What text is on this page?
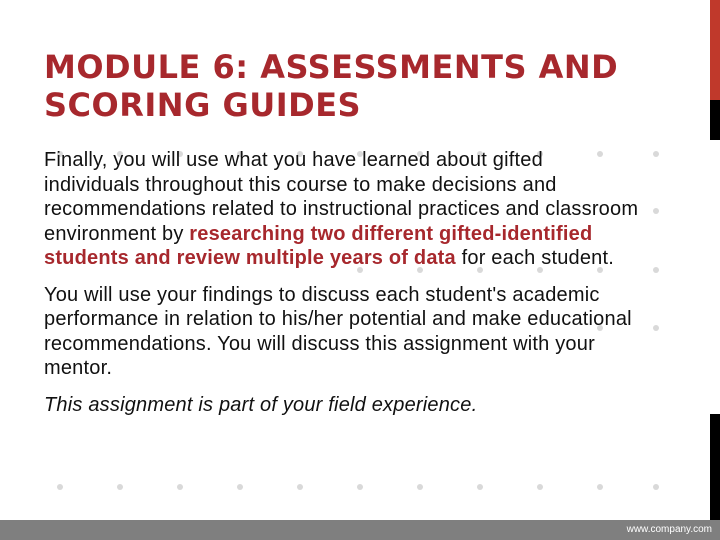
MODULE 6: ASSESSMENTS AND SCORING GUIDES

Finally, you will use what you have learned about gifted individuals throughout this course to make decisions and recommendations related to instructional practices and classroom environment by researching two different gifted-identified students and review multiple years of data for each student.

You will use your findings to discuss each student's academic performance in relation to his/her potential and make educational recommendations. You will discuss this assignment with your mentor.

This assignment is part of your field experience.

www.company.com
